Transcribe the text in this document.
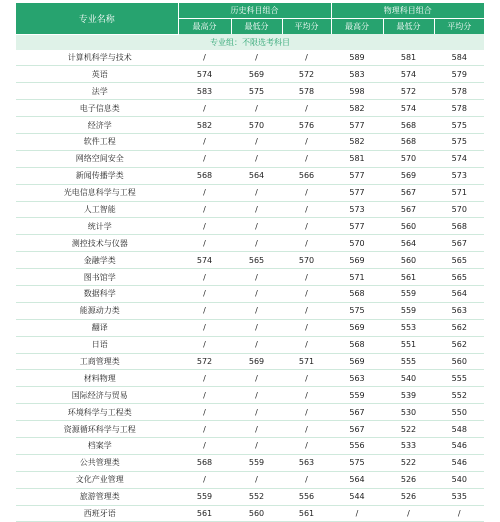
专业名称	历史科目组合			物理科目组合		
	最高分	最低分	平均分	最高分	最低分	平均分
专业组：不限选考科目						
计算机科学与技术	/	/	/	589	581	584
英语	574	569	572	583	574	579
法学	583	575	578	598	572	578
电子信息类	/	/	/	582	574	578
经济学	582	570	576	577	568	575
软件工程	/	/	/	582	568	575
网络空间安全	/	/	/	581	570	574
新闻传播学类	568	564	566	577	569	573
光电信息科学与工程	/	/	/	577	567	571
人工智能	/	/	/	573	567	570
统计学	/	/	/	577	560	568
测控技术与仪器	/	/	/	570	564	567
金融学类	574	565	570	569	560	565
图书馆学	/	/	/	571	561	565
数据科学	/	/	/	568	559	564
能源动力类	/	/	/	575	559	563
翻译	/	/	/	569	553	562
日语	/	/	/	568	551	562
工商管理类	572	569	571	569	555	560
材料物理	/	/	/	563	540	555
国际经济与贸易	/	/	/	559	539	552
环境科学与工程类	/	/	/	567	530	550
资源循环科学与工程	/	/	/	567	522	548
档案学	/	/	/	556	533	546
公共管理类	568	559	563	575	522	546
文化产业管理	/	/	/	564	526	540
旅游管理类	559	552	556	544	526	535
西班牙语	561	560	561	/	/	/
